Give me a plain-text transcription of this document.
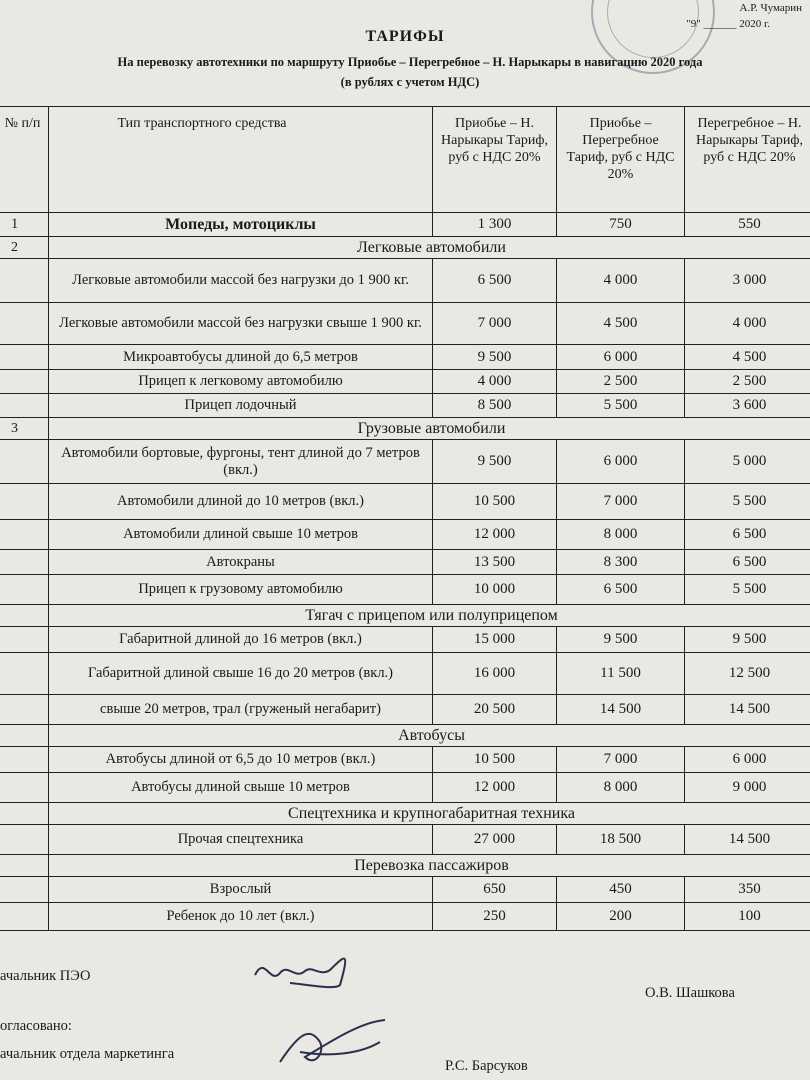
А.Р. Чумарин
"9" ______ 2020 г.
ТАРИФЫ
На перевозку автотехники по маршруту Приобье – Перегребное – Н. Нарыкары в навигацию 2020 года
(в рублях с учетом НДС)
№ п/п	Тип транспортного средства	Приобье – Н. Нарыкары Тариф, руб с НДС 20%	Приобье – Перегребное Тариф, руб с НДС 20%	Перегребное – Н. Нарыкары Тариф, руб с НДС 20%
1	Мопеды, мотоциклы	1 300	750	550
2	Легковые автомобили			
	Легковые автомобили массой без нагрузки до 1 900 кг.	6 500	4 000	3 000
	Легковые автомобили массой без нагрузки свыше 1 900 кг.	7 000	4 500	4 000
	Микроавтобусы длиной до 6,5 метров	9 500	6 000	4 500
	Прицеп к легковому автомобилю	4 000	2 500	2 500
	Прицеп лодочный	8 500	5 500	3 600
3	Грузовые автомобили			
	Автомобили бортовые, фургоны, тент длиной до 7 метров (вкл.)	9 500	6 000	5 000
	Автомобили длиной до 10 метров (вкл.)	10 500	7 000	5 500
	Автомобили длиной свыше 10 метров	12 000	8 000	6 500
	Автокраны	13 500	8 300	6 500
	Прицеп к грузовому автомобилю	10 000	6 500	5 500
	Тягач с прицепом или полуприцепом			
	Габаритной длиной до 16 метров (вкл.)	15 000	9 500	9 500
	Габаритной длиной свыше 16 до 20 метров (вкл.)	16 000	11 500	12 500
	свыше 20 метров, трал (груженый негабарит)	20 500	14 500	14 500
	Автобусы			
	Автобусы длиной от 6,5 до 10 метров (вкл.)	10 500	7 000	6 000
	Автобусы длиной свыше 10 метров	12 000	8 000	9 000
	Спецтехника и крупногабаритная техника			
	Прочая спецтехника	27 000	18 500	14 500
	Перевозка пассажиров			
	Взрослый	650	450	350
	Ребенок до 10 лет (вкл.)	250	200	100
ачальник ПЭО
О.В. Шашкова
огласовано:
ачальник отдела маркетинга
Р.С. Барсуков
